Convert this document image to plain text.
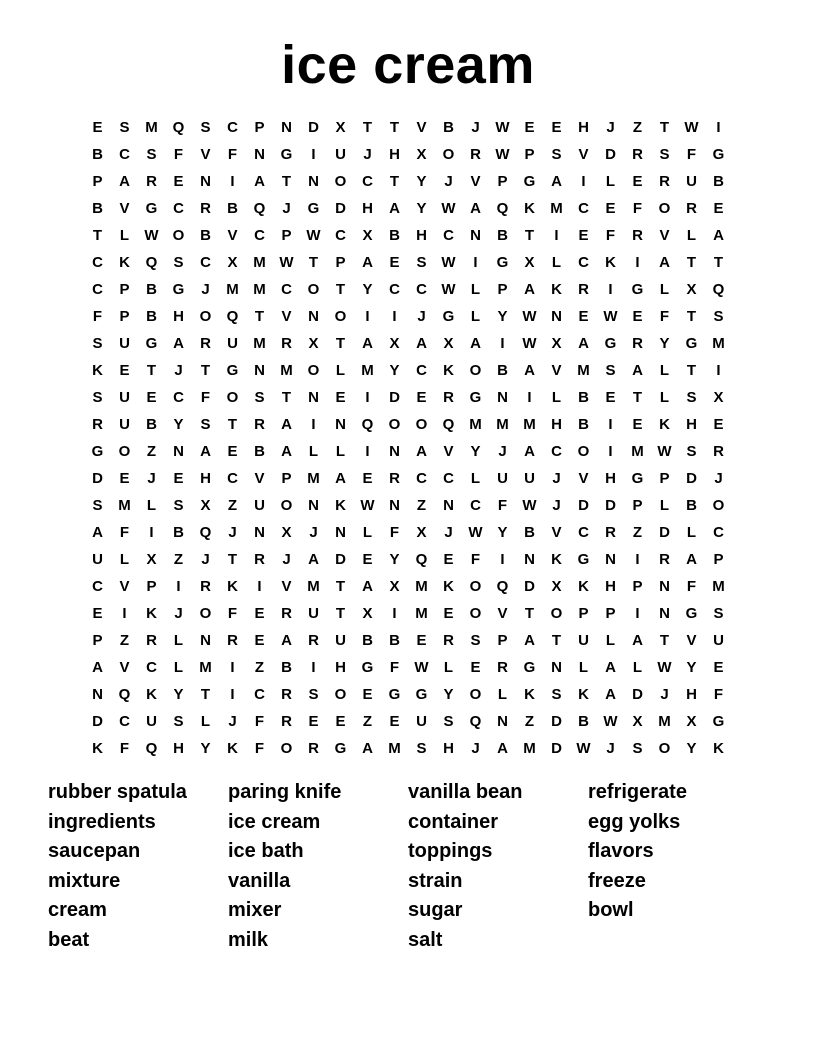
ice cream
E	S	M Q	S	C	P	N	D	X	T	T	V	B	J	W E	E	H	J	Z	T	W	I
B	C	S	F	V	F	N	G	I	U	J	H	X	O	R W P	S	V	D	R	S	F	G
P	A	R	E	N	I	A	T	N	O	C	T	Y	J	V	P	G	A	I	L	E	R	U	B
B	V	G	C	R	B	Q	J	G	D	H	A	Y W A	Q	K	M	C	E	F	O	R	E
T	L	W O	B	V	C	P W C	X	B	H	C	N	B	T	I	E	F	R	V	L	A
C	K	Q	S	C	X	M W	T	P	A	E	S W	I	G	X	L	C	K	I	A	T	T
C	P	B	G	J	M M	C	O	T	Y	C	C W	L	P	A	K	R	I	G	L	X	Q
F	P	B	H	O	Q	T	V	N	O	I	I	J	G	L	Y W N	E W E	F	T	S
S	U	G	A	R	U	M	R	X	T	A	X	A	X	A	I	W X	A	G	R	Y	G M
K	E	T	J	T	G	N	M O	L	M	Y	C	K	O	B	A	V	M	S	A	L	T	I
S	U	E	C	F	O	S	T	N	E	I	D	E	R	G	N	I	L	B	E	T	L	S	X
R	U	B	Y	S	T	R	A	I	N	Q	O	O	Q M M M	H	B	I	E	K	H	E
G	O	Z	N	A	E	B	A	L	L	I	N	A	V	Y	J	A	C	O	I	M W S	R
D	E	J	E	H	C	V	P	M	A	E	R	C	C	L	U	U	J	V	H	G	P	D	J
S	M	L	S	X	Z	U	O	N	K W N	Z	N	C	F	W	J	D	D	P	L	B	O
A	F	I	B	Q	J	N	X	J	N	L	F	X	J	W Y	B	V	C	R	Z	D	L	C
U	L	X	Z	J	T	R	J	A	D	E	Y	Q	E	F	I	N	K	G	N	I	R	A	P
C	V	P	I	R	K	I	V	M	T	A	X	M	K	O	Q	D	X	K	H	P	N	F	M
E	I	K	J	O	F	E	R	U	T	X	I	M	E	O	V	T	O	P	P	I	N	G	S
P	Z	R	L	N	R	E	A	R	U	B	B	E	R	S	P	A	T	U	L	A	T	V	U
A	V	C	L	M	I	Z	B	I	H	G	F	W	L	E	R	G	N	L	A	L	W Y	E
N	Q	K	Y	T	I	C	R	S	O	E	G	G	Y	O	L	K	S	K	A	D	J	H	F
D	C	U	S	L	J	F	R	E	E	Z	E	U	S	Q	N	Z	D	B W X	M	X	G
K	F	Q	H	Y	K	F	O	R	G	A	M	S	H	J	A	M	D W	J	S	O	Y	K
rubber spatula
ingredients
saucepan
mixture
cream
beat
paring knife
ice cream
ice bath
vanilla
mixer
milk
vanilla bean
container
toppings
strain
sugar
salt
refrigerate
egg yolks
flavors
freeze
bowl
